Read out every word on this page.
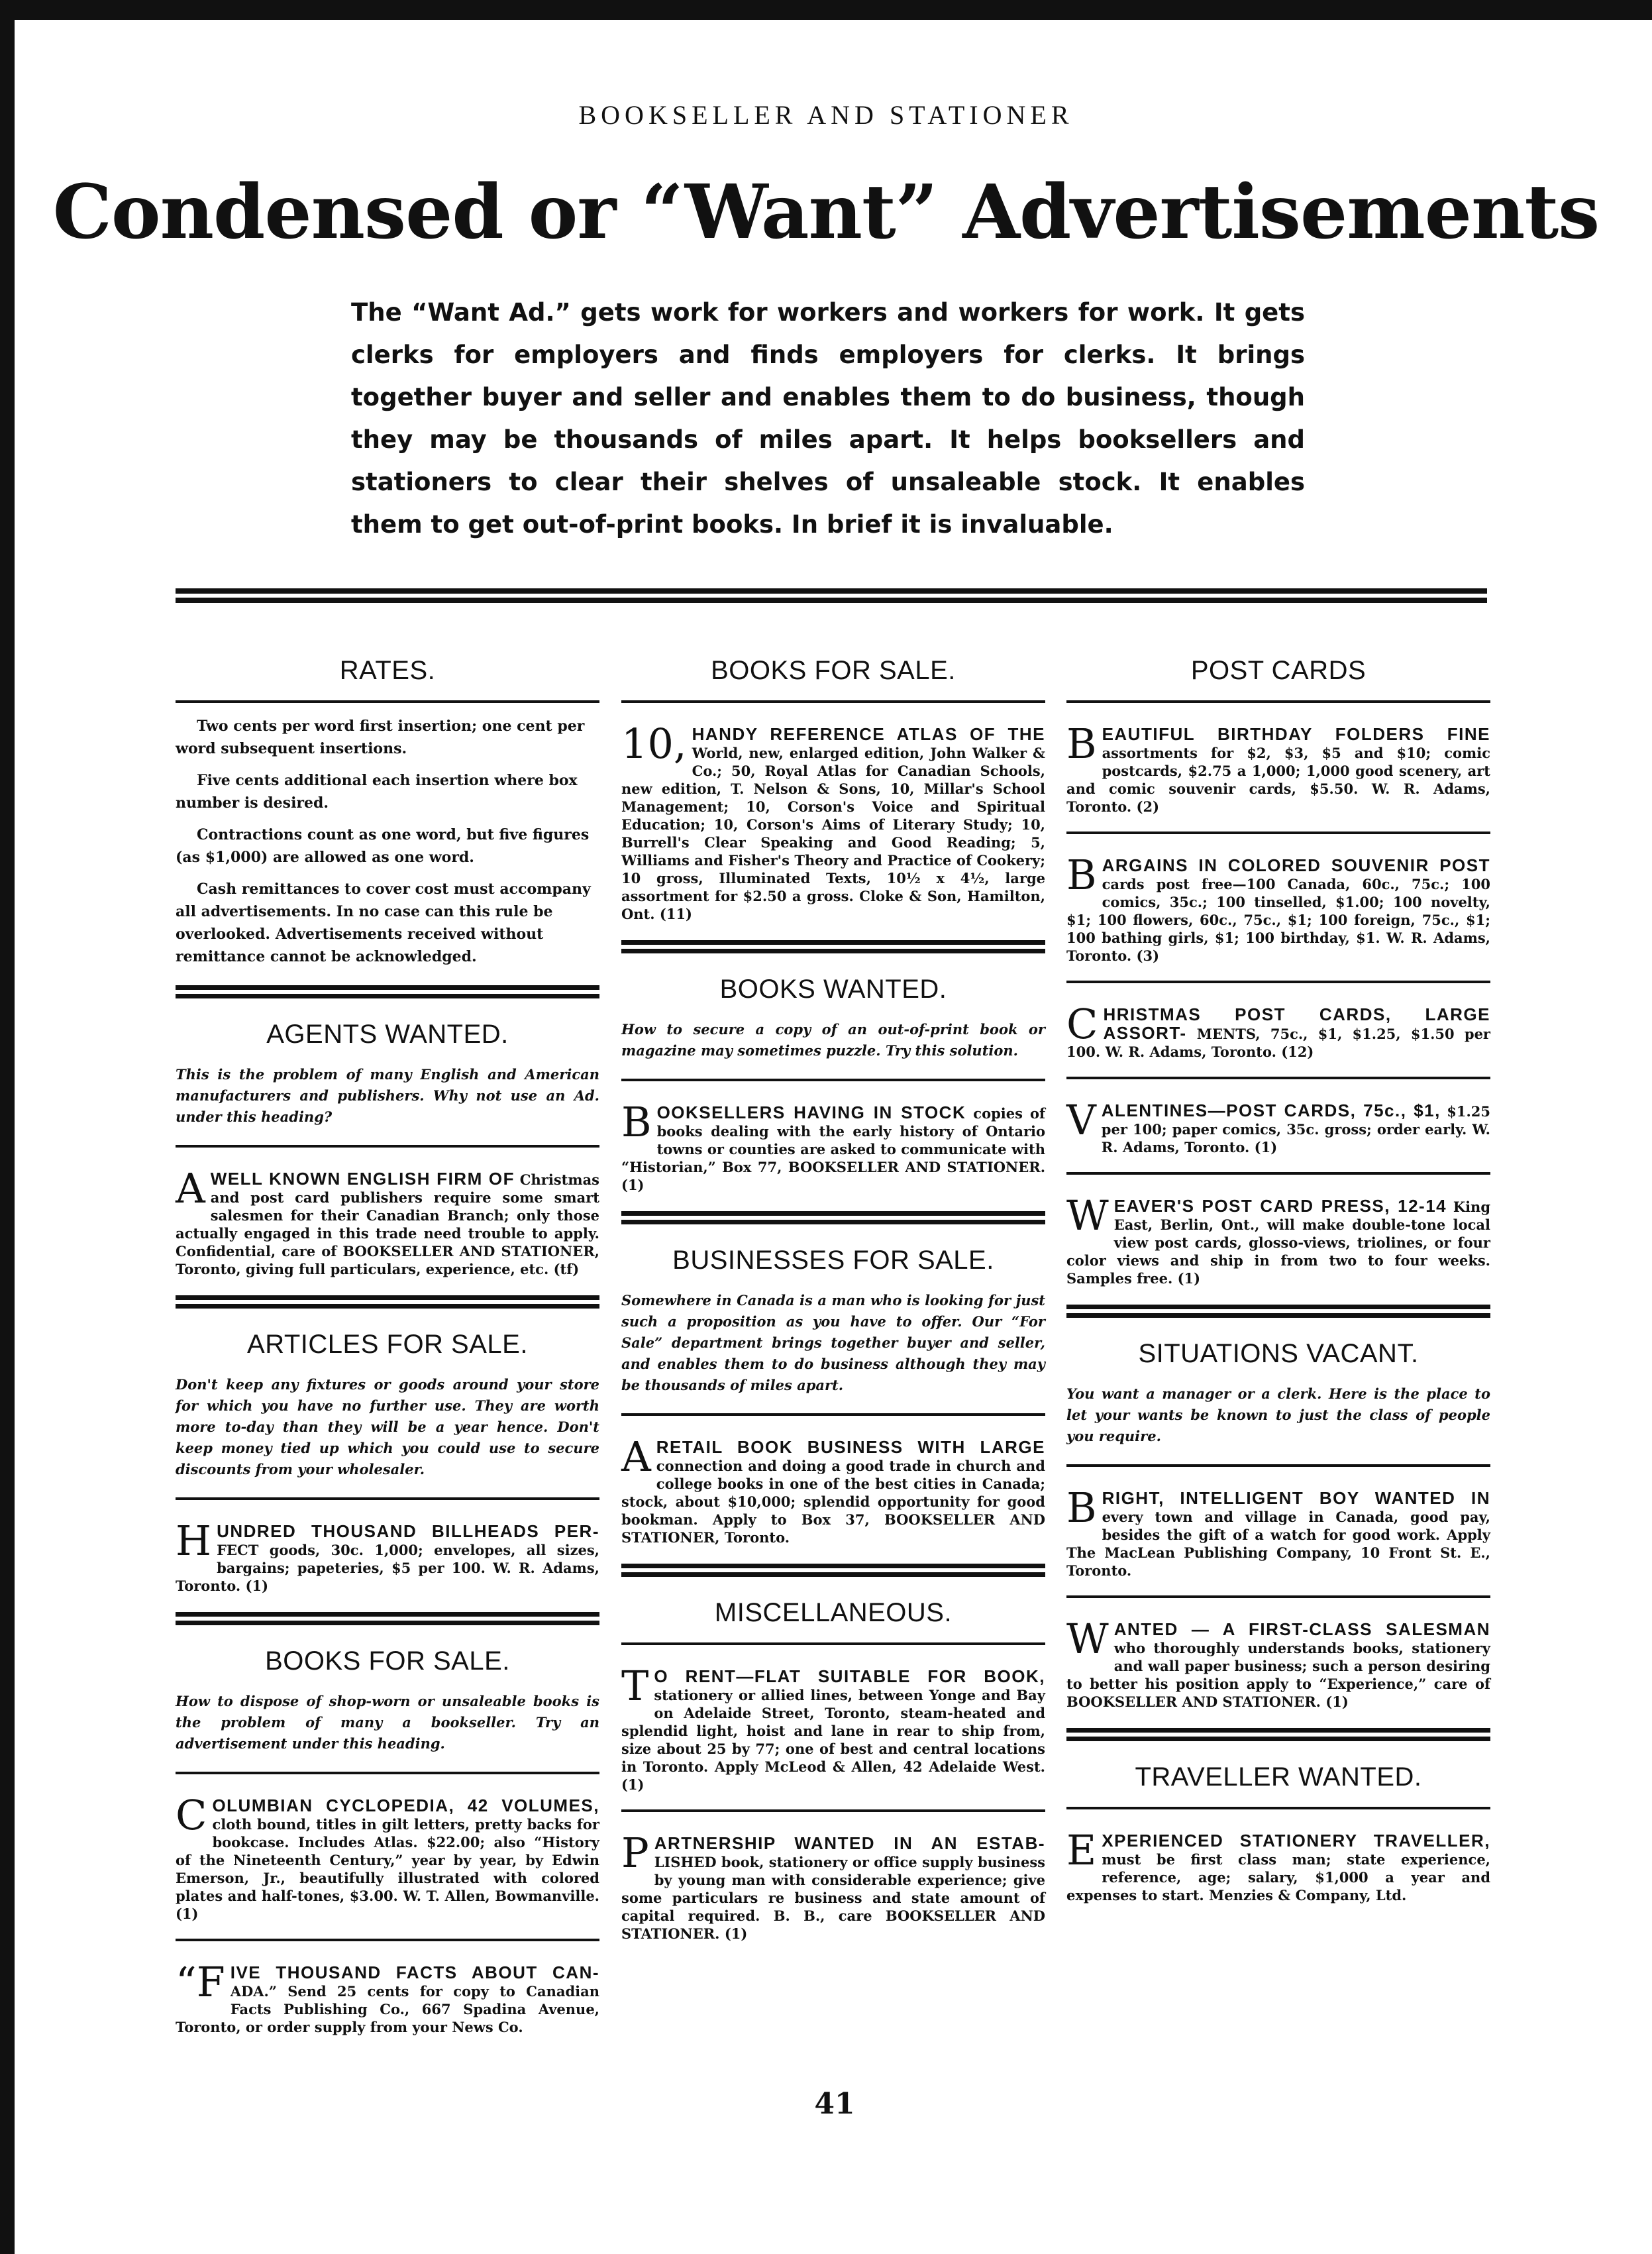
BOOKSELLER AND STATIONER
Condensed or “Want” Advertisements
The “Want Ad.” gets work for workers and workers for work. It gets clerks for employers and finds employers for clerks. It brings together buyer and seller and enables them to do business, though they may be thousands of miles apart. It helps booksellers and stationers to clear their shelves of unsaleable stock. It enables them to get out-of-print books. In brief it is invaluable.
RATES.

Two cents per word first insertion; one cent per word subsequent insertions.

Five cents additional each insertion where box number is desired.

Contractions count as one word, but five figures (as $1,000) are allowed as one word.

Cash remittances to cover cost must accompany all advertisements. In no case can this rule be overlooked. Advertisements received without remittance cannot be acknowledged.

AGENTS WANTED.
This is the problem of many English and American manufacturers and publishers. Why not use an Ad. under this heading?
AWELL KNOWN ENGLISH FIRM OF Christmas and post card publishers require some smart salesmen for their Canadian Branch; only those actually engaged in this trade need trouble to apply. Confidential, care of BOOKSELLER AND STATIONER, Toronto, giving full particulars, experience, etc. (tf)
ARTICLES FOR SALE.
Don't keep any fixtures or goods around your store for which you have no further use. They are worth more to-day than they will be a year hence. Don't keep money tied up which you could use to secure discounts from your wholesaler.
HUNDRED THOUSAND BILLHEADS PER- FECT goods, 30c. 1,000; envelopes, all sizes, bargains; papeteries, $5 per 100. W. R. Adams, Toronto. (1)
BOOKS FOR SALE.
How to dispose of shop-worn or unsaleable books is the problem of many a bookseller. Try an advertisement under this heading.
COLUMBIAN CYCLOPEDIA, 42 VOLUMES, cloth bound, titles in gilt letters, pretty backs for bookcase. Includes Atlas. $22.00; also “History of the Nineteenth Century,” year by year, by Edwin Emerson, Jr., beautifully illustrated with colored plates and half-tones, $3.00. W. T. Allen, Bowmanville. (1)
“FIVE THOUSAND FACTS ABOUT CAN- ADA.” Send 25 cents for copy to Canadian Facts Publishing Co., 667 Spadina Avenue, Toronto, or order supply from your News Co.
BOOKS FOR SALE.
10, HANDY REFERENCE ATLAS OF THE World, new, enlarged edition, John Walker & Co.; 50, Royal Atlas for Canadian Schools, new edition, T. Nelson & Sons, 10, Millar's School Management; 10, Corson's Voice and Spiritual Education; 10, Corson's Aims of Literary Study; 10, Burrell's Clear Speaking and Good Reading; 5, Williams and Fisher's Theory and Practice of Cookery; 10 gross, Illuminated Texts, 10½ x 4½, large assortment for $2.50 a gross. Cloke & Son, Hamilton, Ont. (11)
BOOKS WANTED.
How to secure a copy of an out-of-print book or magazine may sometimes puzzle. Try this solution.
BOOKSELLERS HAVING IN STOCK copies of books dealing with the early history of Ontario towns or counties are asked to communicate with “Historian,” Box 77, BOOKSELLER AND STATIONER. (1)
BUSINESSES FOR SALE.
Somewhere in Canada is a man who is looking for just such a proposition as you have to offer. Our “For Sale” department brings together buyer and seller, and enables them to do business although they may be thousands of miles apart.
ARETAIL BOOK BUSINESS WITH LARGE connection and doing a good trade in church and college books in one of the best cities in Canada; stock, about $10,000; splendid opportunity for good bookman. Apply to Box 37, BOOKSELLER AND STATIONER, Toronto.
MISCELLANEOUS.
T O RENT—FLAT SUITABLE FOR BOOK, stationery or allied lines, between Yonge and Bay on Adelaide Street, Toronto, steam-heated and splendid light, hoist and lane in rear to ship from, size about 25 by 77; one of best and central locations in Toronto. Apply McLeod & Allen, 42 Adelaide West. (1)
PARTNERSHIP WANTED IN AN ESTAB- LISHED book, stationery or office supply business by young man with considerable experience; give some particulars re business and state amount of capital required. B. B., care BOOKSELLER AND STATIONER. (1)
POST CARDS
BEAUTIFUL BIRTHDAY FOLDERS FINE assortments for $2, $3, $5 and $10; comic postcards, $2.75 a 1,000; 1,000 good scenery, art and comic souvenir cards, $5.50. W. R. Adams, Toronto. (2)
BARGAINS IN COLORED SOUVENIR POST cards post free—100 Canada, 60c., 75c.; 100 comics, 35c.; 100 tinselled, $1.00; 100 novelty, $1; 100 flowers, 60c., 75c., $1; 100 foreign, 75c., $1; 100 bathing girls, $1; 100 birthday, $1. W. R. Adams, Toronto. (3)
CHRISTMAS POST CARDS, LARGE ASSORT- MENTS, 75c., $1, $1.25, $1.50 per 100. W. R. Adams, Toronto. (12)
VALENTINES—POST CARDS, 75c., $1, $1.25 per 100; paper comics, 35c. gross; order early. W. R. Adams, Toronto. (1)
WEAVER'S POST CARD PRESS, 12-14 King East, Berlin, Ont., will make double-tone local view post cards, glosso-views, triolines, or four color views and ship in from two to four weeks. Samples free. (1)
SITUATIONS VACANT.
You want a manager or a clerk. Here is the place to let your wants be known to just the class of people you require.
BRIGHT, INTELLIGENT BOY WANTED IN every town and village in Canada, good pay, besides the gift of a watch for good work. Apply The MacLean Publishing Company, 10 Front St. E., Toronto.
WANTED — A FIRST-CLASS SALESMAN who thoroughly understands books, stationery and wall paper business; such a person desiring to better his position apply to “Experience,” care of BOOKSELLER AND STATIONER. (1)
TRAVELLER WANTED.
EXPERIENCED STATIONERY TRAVELLER, must be first class man; state experience, reference, age; salary, $1,000 a year and expenses to start. Menzies & Company, Ltd.
41
